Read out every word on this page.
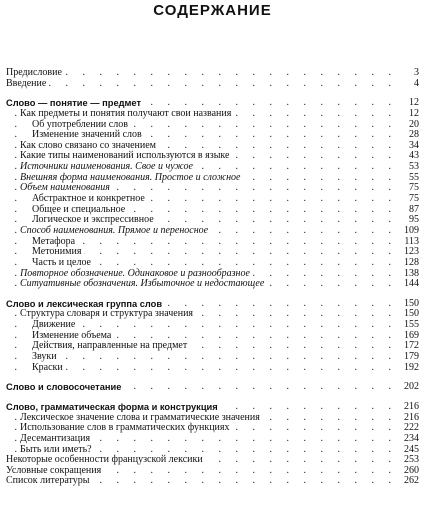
СОДЕРЖАНИЕ
. . .
Предисловие	3
. . .
Введение	4
. . .
Слово — понятие — предмет	12
. . .
Как предметы и понятия получают свои названия	12
. . .
Об употреблении слов	20
. . .
Изменение значений слов	28
. . .
Как слово связано со значением	34
. . .
Какие типы наименований используются в языке	43
. . .
Источники наименования. Свое и чужое	53
. . .
Внешняя форма наименования. Простое и сложное	55
. . .
Объем наименования	75
. . .
Абстрактное и конкретное	75
. . .
Общее и специальное	87
. . .
Логическое и экспрессивное	95
. . .
Способ наименования. Прямое и переносное	109
. . .
Метафора	113
. . .
Метонимия	123
. . .
Часть и целое	128
. . .
Повторное обозначение. Одинаковое и разнообразное	138
. . .
Ситуативные обозначения. Избыточное и недостающее	144
. . .
Слово и лексическая группа слов	150
. . .
Структура словаря и структура значения	150
. . .
Движение	155
. . .
Изменение объема	169
. . .
Действия, направленные на предмет	172
. . .
Звуки	179
. . .
Краски	192
. . .
Слово и словосочетание	202
. . .
Слово, грамматическая форма и конструкция	216
. . .
Лексическое значение слова и грамматические значения	216
. . .
Использование слов в грамматических функциях	222
. . .
Десемантизация	234
. . .
Быть или иметь?	245
. . .
Некоторые особенности французской лексики	253
. . .
Условные сокращения	260
. . .
Список литературы	262
